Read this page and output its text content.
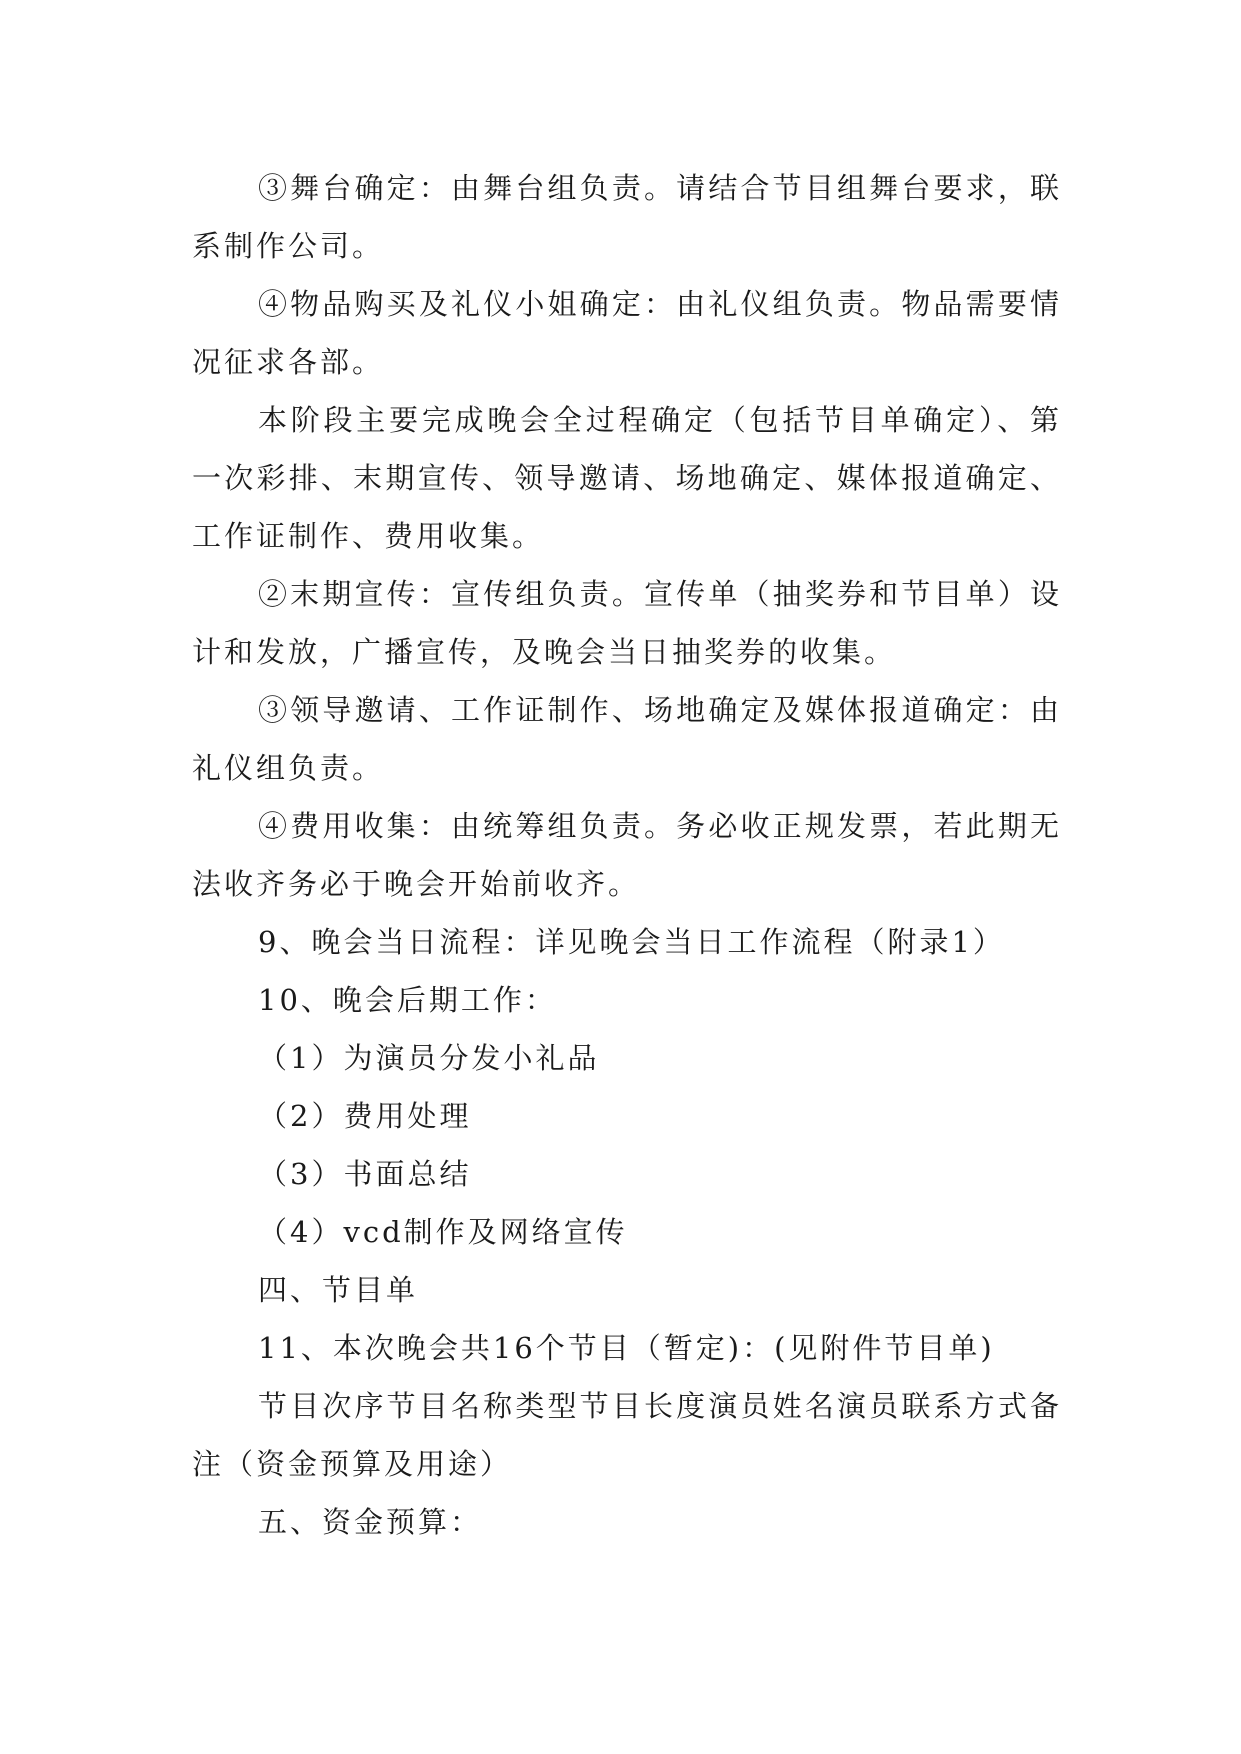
③舞台确定：由舞台组负责。请结合节目组舞台要求，联系制作公司。

④物品购买及礼仪小姐确定：由礼仪组负责。物品需要情况征求各部。

本阶段主要完成晚会全过程确定（包括节目单确定）、第一次彩排、末期宣传、领导邀请、场地确定、媒体报道确定、工作证制作、费用收集。

②末期宣传：宣传组负责。宣传单（抽奖券和节目单）设计和发放，广播宣传，及晚会当日抽奖券的收集。

③领导邀请、工作证制作、场地确定及媒体报道确定：由礼仪组负责。

④费用收集：由统筹组负责。务必收正规发票，若此期无法收齐务必于晚会开始前收齐。

9、晚会当日流程：详见晚会当日工作流程（附录1）

10、晚会后期工作：

（1）为演员分发小礼品

（2）费用处理

（3）书面总结

（4）vcd制作及网络宣传

四、节目单

11、本次晚会共16个节目（暂定)：(见附件节目单)

节目次序节目名称类型节目长度演员姓名演员联系方式备注（资金预算及用途）

五、资金预算：
